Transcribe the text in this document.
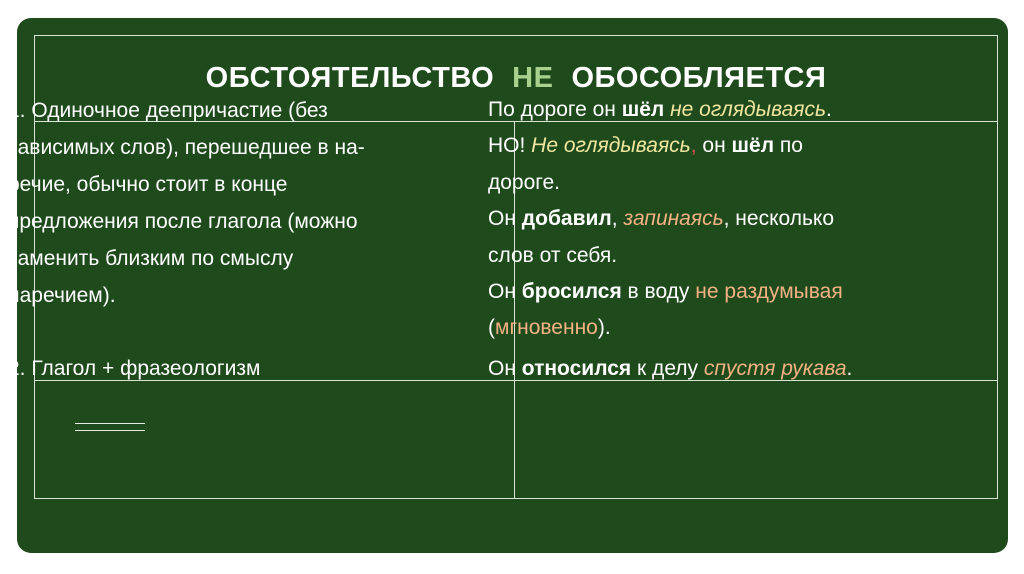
ОБСТОЯТЕЛЬСТВО НЕ ОБОСОБЛЯЕТСЯ
1. Одиночное деепричастие (без
зависимых слов), перешедшее в на-
речие, обычно стоит в конце
предложения после глагола (можно
заменить близким по смыслу
наречием).
По дороге он шёл не оглядываясь.
НО! Не оглядываясь, он шёл по
дороге.
Он добавил, запинаясь, несколько
слов от себя.
Он бросился в воду не раздумывая
(мгновенно).
2. Глагол + фразеологизм	Он относился к делу спустя рукава.
